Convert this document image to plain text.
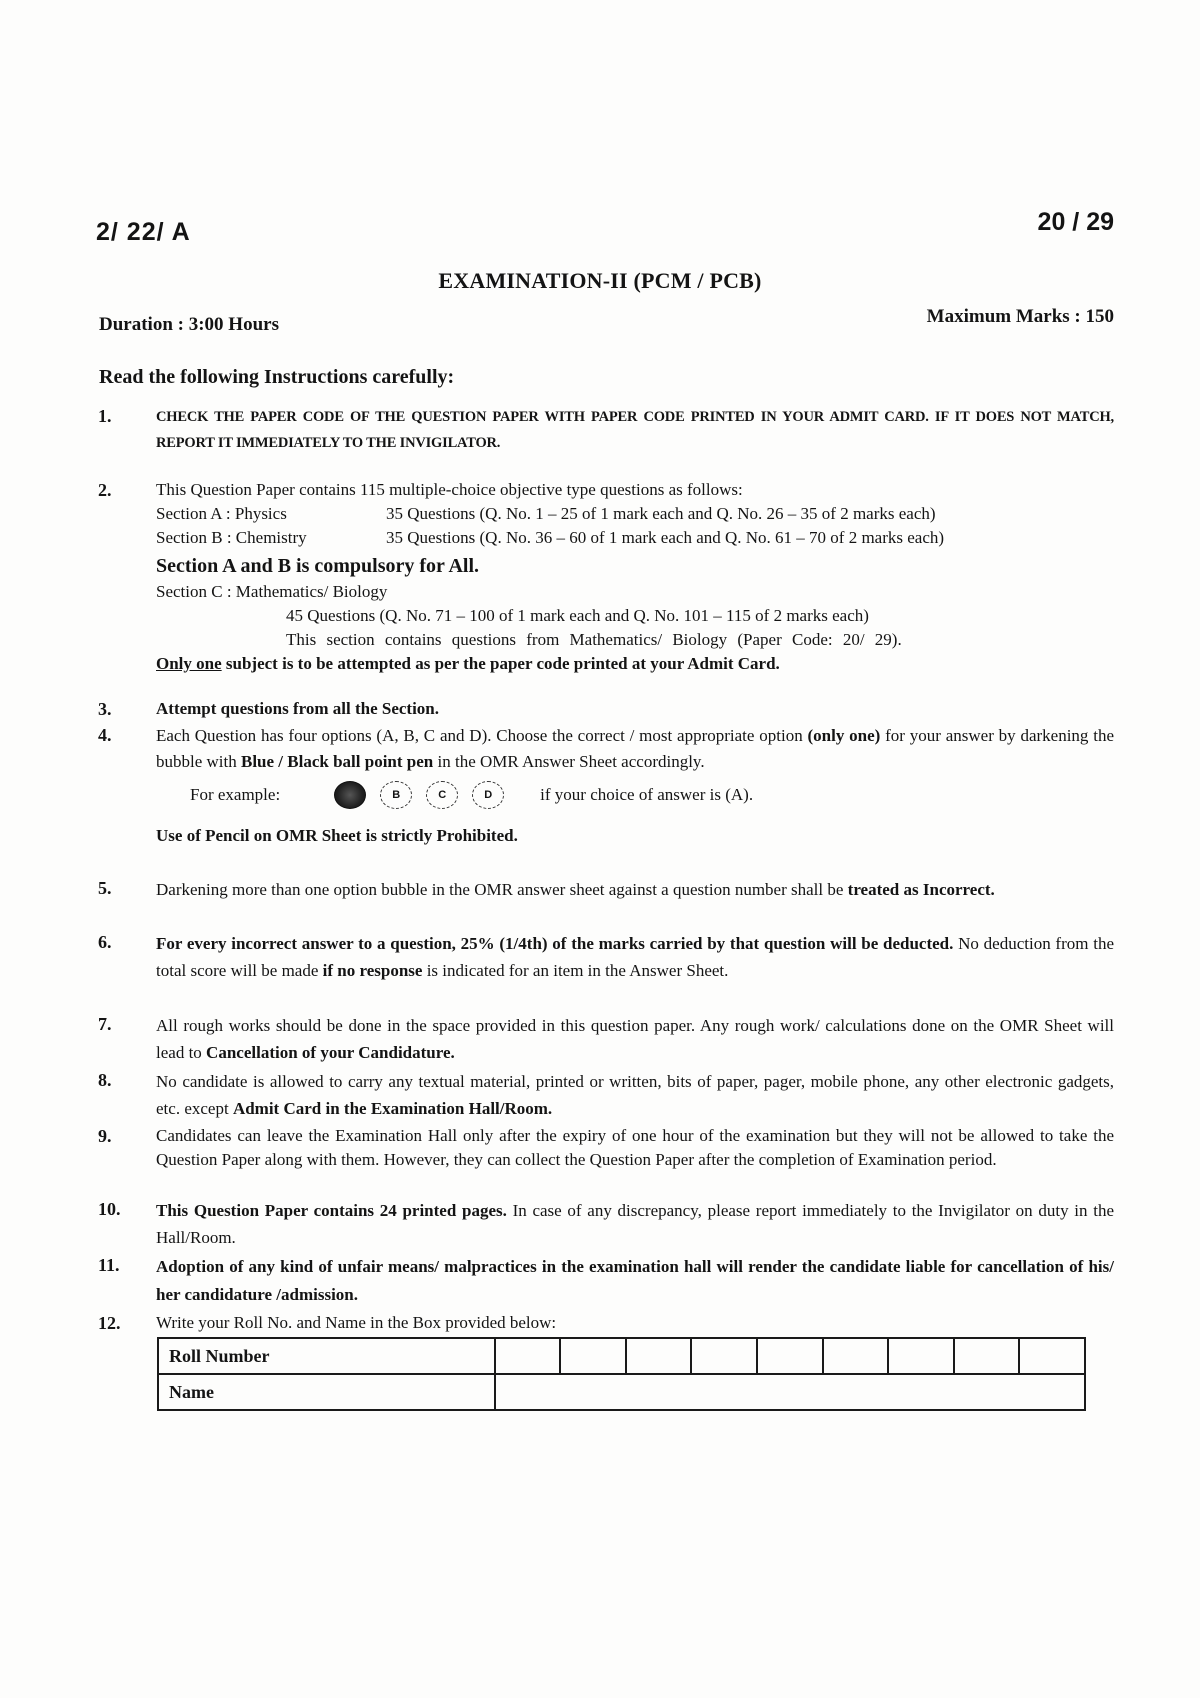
2/ 22/ A	20 / 29
EXAMINATION-II (PCM / PCB)
Duration : 3:00 Hours	Maximum Marks : 150
Read the following Instructions carefully:
1.	CHECK THE PAPER CODE OF THE QUESTION PAPER WITH PAPER CODE PRINTED IN YOUR ADMIT CARD. IF IT DOES NOT MATCH, REPORT IT IMMEDIATELY TO THE INVIGILATOR.
2.	This Question Paper contains 115 multiple-choice objective type questions as follows:
Section A : Physics	35 Questions (Q. No. 1 – 25 of 1 mark each and Q. No. 26 – 35 of 2 marks each)
Section B : Chemistry	35 Questions (Q. No. 36 – 60 of 1 mark each and Q. No. 61 – 70 of 2 marks each)
Section A and B is compulsory for All.
Section C : Mathematics/ Biology
45 Questions (Q. No. 71 – 100 of 1 mark each and Q. No. 101 – 115 of 2 marks each)
This section contains questions from Mathematics/ Biology (Paper Code: 20/ 29).
Only one subject is to be attempted as per the paper code printed at your Admit Card.
3.	Attempt questions from all the Section.
4.	Each Question has four options (A, B, C and D). Choose the correct / most appropriate option (only one) for your answer by darkening the bubble with Blue / Black ball point pen in the OMR Answer Sheet accordingly.
For example:	B	C	D	if your choice of answer is (A).
Use of Pencil on OMR Sheet is strictly Prohibited.
5.	Darkening more than one option bubble in the OMR answer sheet against a question number shall be treated as Incorrect.
6.	For every incorrect answer to a question, 25% (1/4th) of the marks carried by that question will be deducted. No deduction from the total score will be made if no response is indicated for an item in the Answer Sheet.
7.	All rough works should be done in the space provided in this question paper. Any rough work/ calculations done on the OMR Sheet will lead to Cancellation of your Candidature.
8.	No candidate is allowed to carry any textual material, printed or written, bits of paper, pager, mobile phone, any other electronic gadgets, etc. except Admit Card in the Examination Hall/Room.
9.	Candidates can leave the Examination Hall only after the expiry of one hour of the examination but they will not be allowed to take the Question Paper along with them. However, they can collect the Question Paper after the completion of Examination period.
10.	This Question Paper contains 24 printed pages. In case of any discrepancy, please report immediately to the Invigilator on duty in the Hall/Room.
11.	Adoption of any kind of unfair means/ malpractices in the examination hall will render the candidate liable for cancellation of his/ her candidature /admission.
12.	Write your Roll No. and Name in the Box provided below:
Roll Number									
Name									
